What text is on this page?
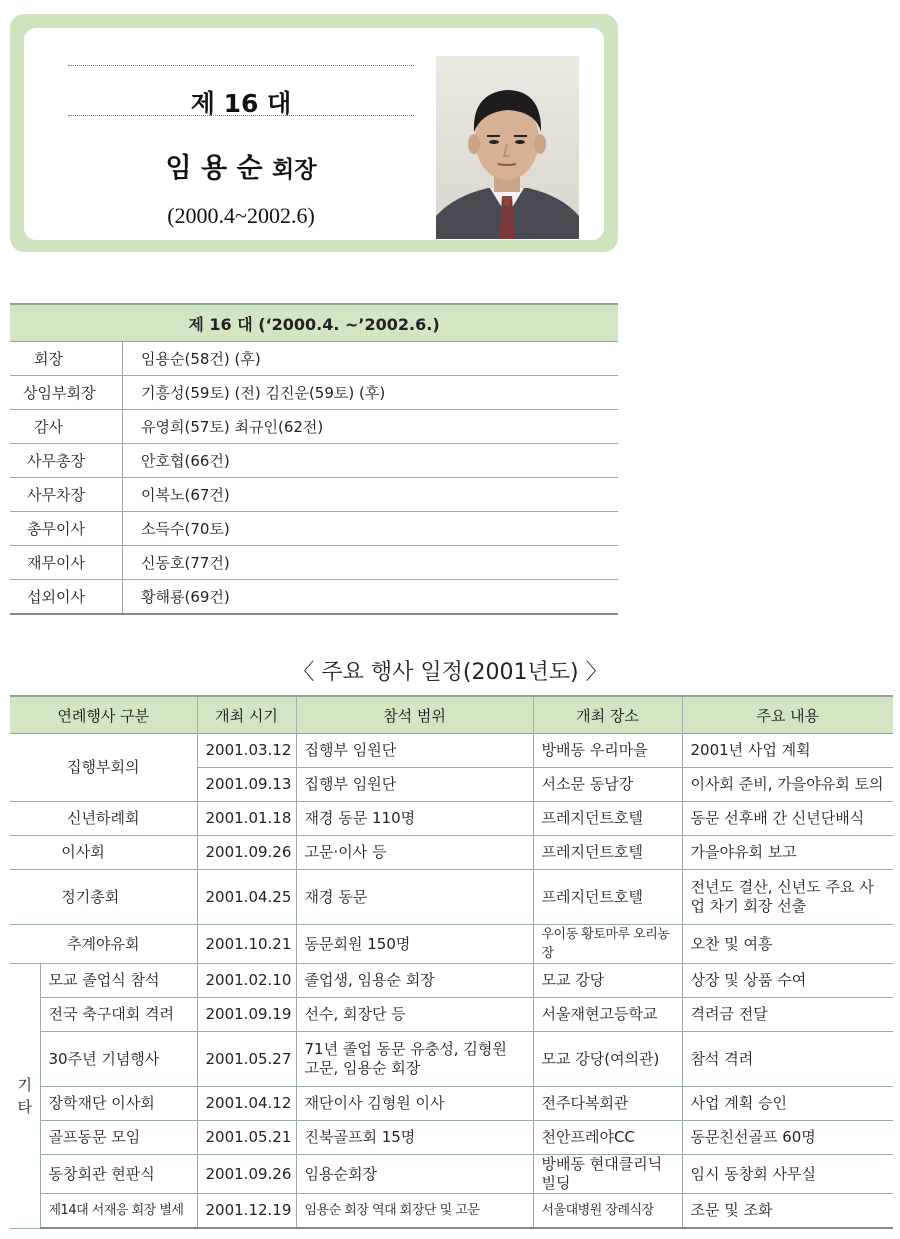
제 16 대
임 용 순 회장
(2000.4~2002.6)
제 16 대 (‘2000.4. ~’2002.6.)	
회장	임용순(58건) (후)
상임부회장	기흥성(59토) (전) 김진운(59토) (후)
감사	유영희(57토) 최규인(62전)
사무총장	안호협(66건)
사무차장	이복노(67건)
총무이사	소득수(70토)
재무이사	신동호(77건)
섭외이사	황해룡(69건)
〈 주요 행사 일정(2001년도) 〉
연례행사 구분		개최 시기	참석 범위	개최 장소	주요 내용
집행부회의		2001.03.12	집행부 임원단	방배동 우리마을	2001년 사업 계획
		2001.09.13	집행부 임원단	서소문 동남강	이사회 준비, 가을야유회 토의
신년하례회		2001.01.18	재경 동문 110명	프레지던트호텔	동문 선후배 간 신년단배식
이사회		2001.09.26	고문·이사 등	프레지던트호텔	가을야유회 보고
정기총회		2001.04.25	재경 동문	프레지던트호텔	전년도 결산, 신년도 주요 사업 차기 회장 선출
추계야유회		2001.10.21	동문회원 150명	우이동 황토마루 오리농장	오찬 및 여흥
기타	모교 졸업식 참석	2001.02.10	졸업생, 임용순 회장	모교 강당	상장 및 상품 수여
	전국 축구대회 격려	2001.09.19	선수, 회장단 등	서울재현고등학교	격려금 전달
	30주년 기념행사	2001.05.27	71년 졸업 동문 유충성, 김형원 고문, 임용순 회장	모교 강당(여의관)	참석 격려
	장학재단 이사회	2001.04.12	재단이사 김형원 이사	전주다복회관	사업 계획 승인
	골프동문 모임	2001.05.21	진북골프회 15명	천안프레야CC	동문친선골프 60명
	동창회관 현판식	2001.09.26	임용순회장	방배동 현대클리닉빌딩	임시 동창회 사무실
	제14대 서재응 회장 별세	2001.12.19	임용순 회장 역대 회장단 및 고문	서울대병원 장례식장	조문 및 조화
